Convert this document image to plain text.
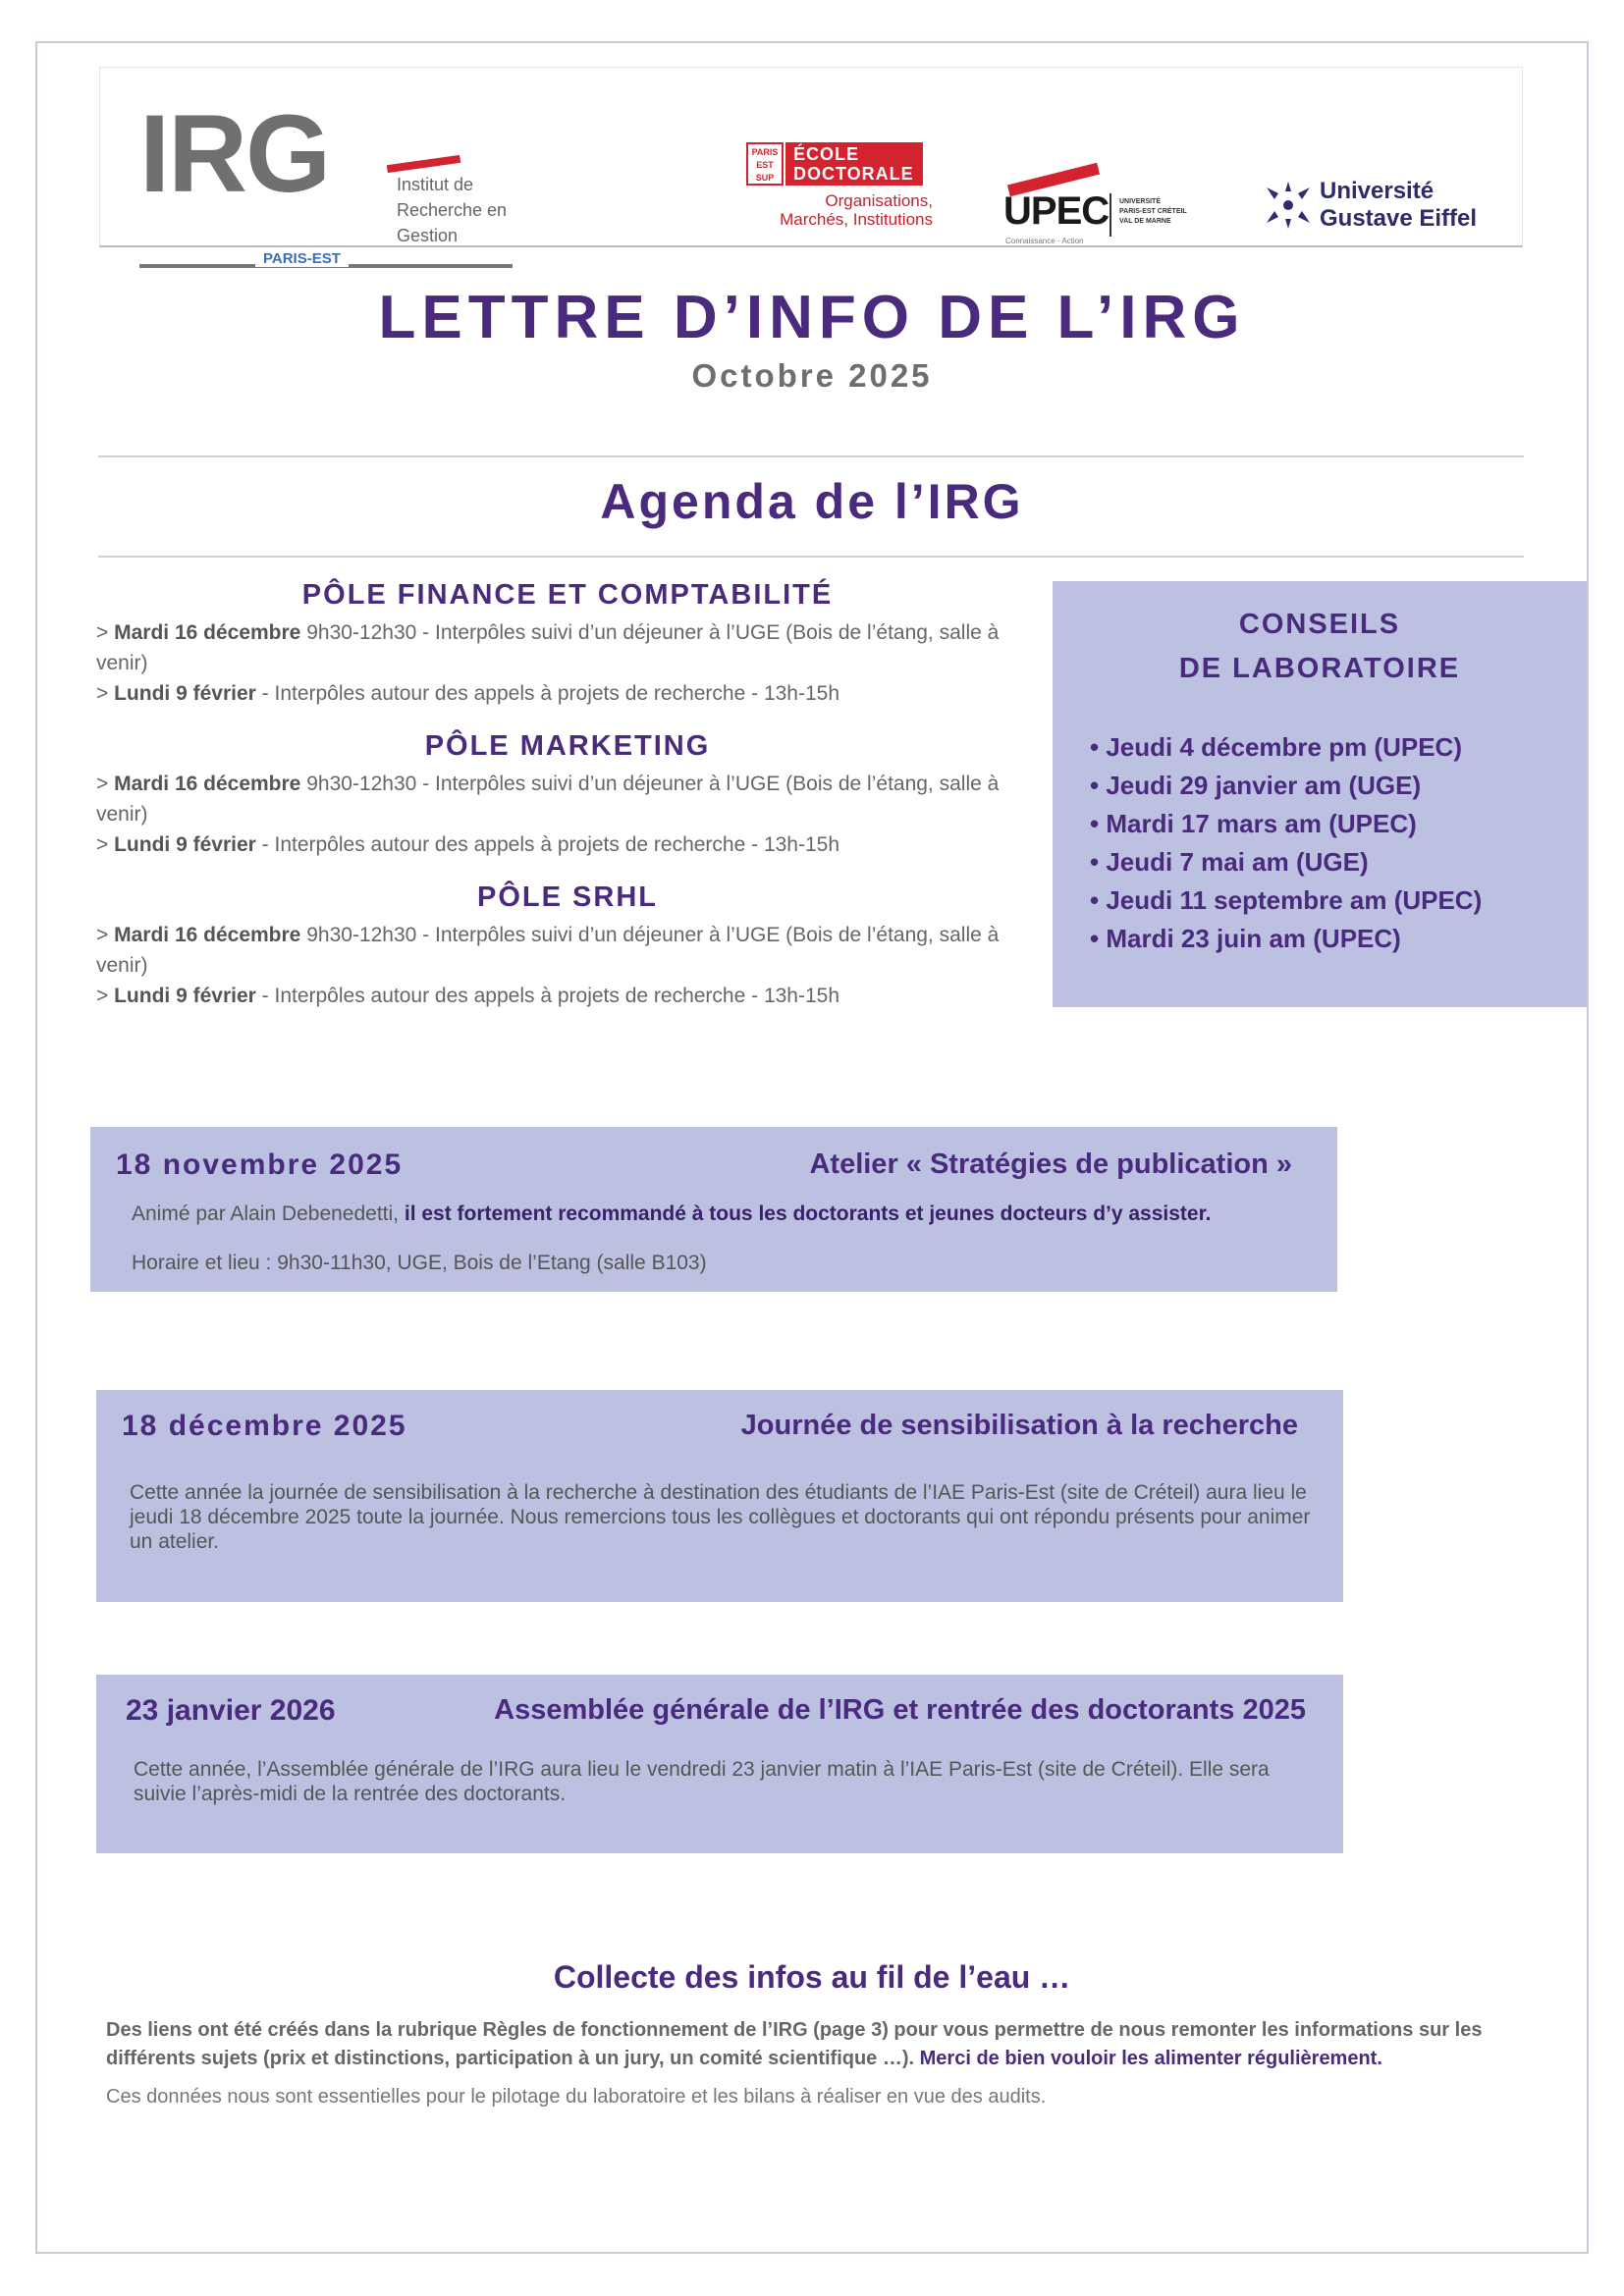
IRG	Institut de
Recherche en
Gestion
PARIS-EST
PARIS EST SUP
ÉCOLE
DOCTORALE
Organisations,
Marchés, Institutions UPEC UNIVERSITÉ
PARIS-EST CRÉTEIL
VAL DE MARNE
Connaissance · Action
Université
Gustave Eiffel
LETTRE D’INFO DE L’IRG
Octobre 2025
Agenda de l’IRG
PÔLE FINANCE ET COMPTABILITÉ
> Mardi 16 décembre 9h30-12h30 - Interpôles suivi d’un déjeuner à l’UGE (Bois de l’étang, salle à venir)
> Lundi 9 février - Interpôles autour des appels à projets de recherche - 13h-15h
PÔLE MARKETING
> Mardi 16 décembre 9h30-12h30 - Interpôles suivi d’un déjeuner à l’UGE (Bois de l’étang, salle à venir)
> Lundi 9 février - Interpôles autour des appels à projets de recherche - 13h-15h
PÔLE SRHL
> Mardi 16 décembre 9h30-12h30 - Interpôles suivi d’un déjeuner à l’UGE (Bois de l’étang, salle à venir)
> Lundi 9 février - Interpôles autour des appels à projets de recherche - 13h-15h
CONSEILS
DE LABORATOIRE
• Jeudi 4 décembre pm (UPEC)
• Jeudi 29 janvier am (UGE)
• Mardi 17 mars am (UPEC)
• Jeudi 7 mai am (UGE)
• Jeudi 11 septembre am (UPEC)
• Mardi 23 juin am (UPEC)
18 novembre 2025	Atelier « Stratégies de publication »
Animé par Alain Debenedetti, il est fortement recommandé à tous les doctorants et jeunes docteurs d’y assister.
Horaire et lieu : 9h30-11h30, UGE, Bois de l’Etang (salle B103)
18 décembre 2025	Journée de sensibilisation à la recherche
Cette année la journée de sensibilisation à la recherche à destination des étudiants de l’IAE Paris-Est (site de Créteil) aura lieu le jeudi 18 décembre 2025 toute la journée. Nous remercions tous les collègues et doctorants qui ont répondu présents pour animer un atelier.
23 janvier 2026	Assemblée générale de l’IRG et rentrée des doctorants 2025
Cette année, l’Assemblée générale de l’IRG aura lieu le vendredi 23 janvier matin à l’IAE Paris-Est (site de Créteil). Elle sera suivie l’après-midi de la rentrée des doctorants.
Collecte des infos au fil de l’eau …
Des liens ont été créés dans la rubrique Règles de fonctionnement de l’IRG (page 3) pour vous permettre de nous remonter les informations sur les différents sujets (prix et distinctions, participation à un jury, un comité scientifique …). Merci de bien vouloir les alimenter régulièrement.
Ces données nous sont essentielles pour le pilotage du laboratoire et les bilans à réaliser en vue des audits.
